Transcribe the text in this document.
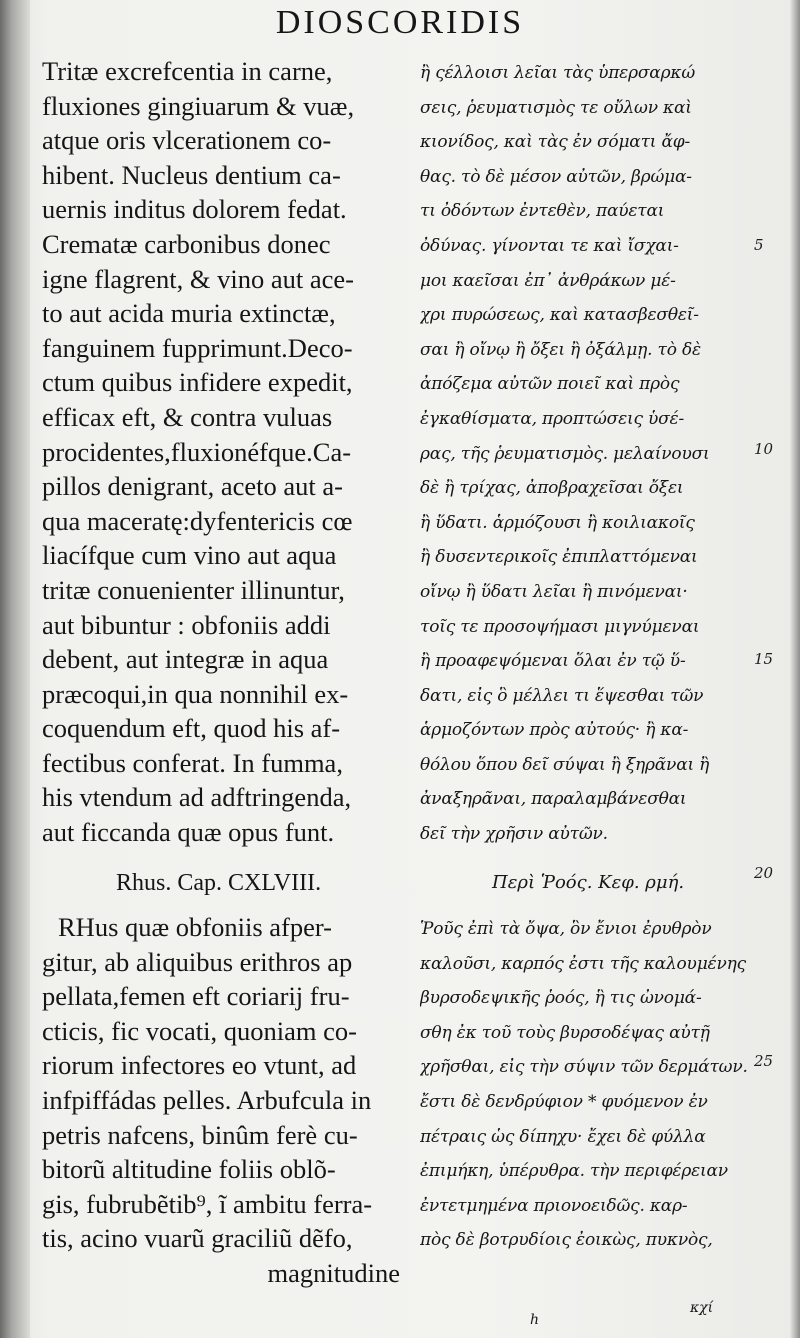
DIOSCORIDIS
Tritæ excrefcentia in carne,
fluxiones gingiuarum & vuæ,
atque oris vlcerationem co-
hibent. Nucleus dentium ca-
uernis inditus dolorem fedat.
Crematæ carbonibus donec
igne flagrent, & vino aut ace-
to aut acida muria extinctæ,
fanguinem fupprimunt.Deco-
ctum quibus infidere expedit,
efficax eft, & contra vuluas
procidentes,fluxionéfque.Ca-
pillos denigrant, aceto aut a-
qua maceratę:dyfentericis cœ
liacífque cum vino aut aqua
tritæ conuenienter illinuntur,
aut bibuntur : obfoniis addi
debent, aut integræ in aqua
præcoqui,in qua nonnihil ex-
coquendum eft, quod his af-
fectibus conferat. In fumma,
his vtendum ad adftringenda,
aut ficcanda quæ opus funt.
ἢ ςέλλοισι λεῖαι τὰς ὑπερσαρκώ
σεις, ῥευματισμὸς τε οὔλων καὶ
κιονίδος, καὶ τὰς ἐν σόματι ἄφ-
θας. τὸ δὲ μέσον αὐτῶν, βρώμα-
τι ὀδόντων ἐντεθὲν, παύεται
ὀδύνας. γίνονται τε καὶ ἴσχαι-
μοι καεῖσαι ἐπ᾽ ἀνθράκων μέ-
χρι πυρώσεως, καὶ κατασβεσθεῖ-
σαι ἢ οἴνῳ ἢ ὄξει ἢ ὀξάλμῃ. τὸ δὲ
ἀπόζεμα αὐτῶν ποιεῖ καὶ πρὸς
ἐγκαθίσματα, προπτώσεις ὑσέ-
ρας, τῆς ῥευματισμὸς. μελαίνουσι
δὲ ἢ τρίχας, ἀποβραχεῖσαι ὄξει
ἢ ὕδατι. ἁρμόζουσι ἢ κοιλιακοῖς
ἢ δυσεντερικοῖς ἐπιπλαττόμεναι
οἴνῳ ἢ ὕδατι λεῖαι ἢ πινόμεναι·
τοῖς τε προσοψήμασι μιγνύμεναι
ἢ προαφεψόμεναι ὅλαι ἐν τῷ ὕ-
δατι, εἰς ὃ μέλλει τι ἕψεσθαι τῶν
ἁρμοζόντων πρὸς αὐτούς· ἢ κα-
θόλου ὅπου δεῖ σύψαι ἢ ξηρᾶναι ἢ
ἀναξηρᾶναι, παραλαμβάνεσθαι
δεῖ τὴν χρῆσιν αὐτῶν.
Rhus. Cap. CXLVIII.	Περὶ Ῥοός. Κεφ. ρμή.
RHus quæ obfoniis afper-
gitur, ab aliquibus erithros ap
pellata,femen eft coriarij fru-
cticis, fic vocati, quoniam co-
riorum infectores eo vtunt, ad
infpiffádas pelles. Arbufcula in
petris nafcens, binûm ferè cu-
bitorũ altitudine foliis oblõ-
gis, fubrubẽtib⁹, ĩ ambitu ferra-
tis, acino vuarũ graciliũ dẽfo,
magnitudine
Ῥοῦς ἐπὶ τὰ ὄψα, ὃν ἔνιοι ἐρυθρὸν
καλοῦσι, καρπός ἐστι τῆς καλουμένης
βυρσοδεψικῆς ῥοός, ἣ τις ὠνομά-
σθη ἐκ τοῦ τοὺς βυρσοδέψας αὐτῇ
χρῆσθαι, εἰς τὴν σύψιν τῶν δερμάτων.
ἔστι δὲ δενδρύφιον * φυόμενον ἐν
πέτραις ὡς δίπηχυ· ἔχει δὲ φύλλα
ἐπιμήκη, ὑπέρυθρα. τὴν περιφέρειαν
ἐντετμημένα πριονοειδῶς. καρ-
πὸς δὲ βοτρυδίοις ἐοικὼς, πυκνὸς,
5
10
15
20
25
h
κχί
